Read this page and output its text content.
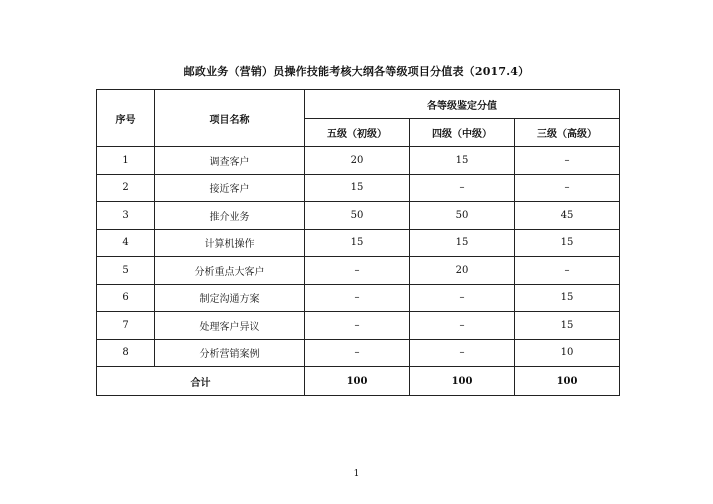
邮政业务（营销）员操作技能考核大纲各等级项目分值表（2017.4）
序号	项目名称	各等级鉴定分值		
		五级（初级）	四级（中级）	三级（高级）
1	调查客户	20	15	–
2	接近客户	15	–	–
3	推介业务	50	50	45
4	计算机操作	15	15	15
5	分析重点大客户	–	20	–
6	制定沟通方案	–	–	15
7	处理客户异议	–	–	15
8	分析营销案例	–	–	10
合计		100	100	100
1
